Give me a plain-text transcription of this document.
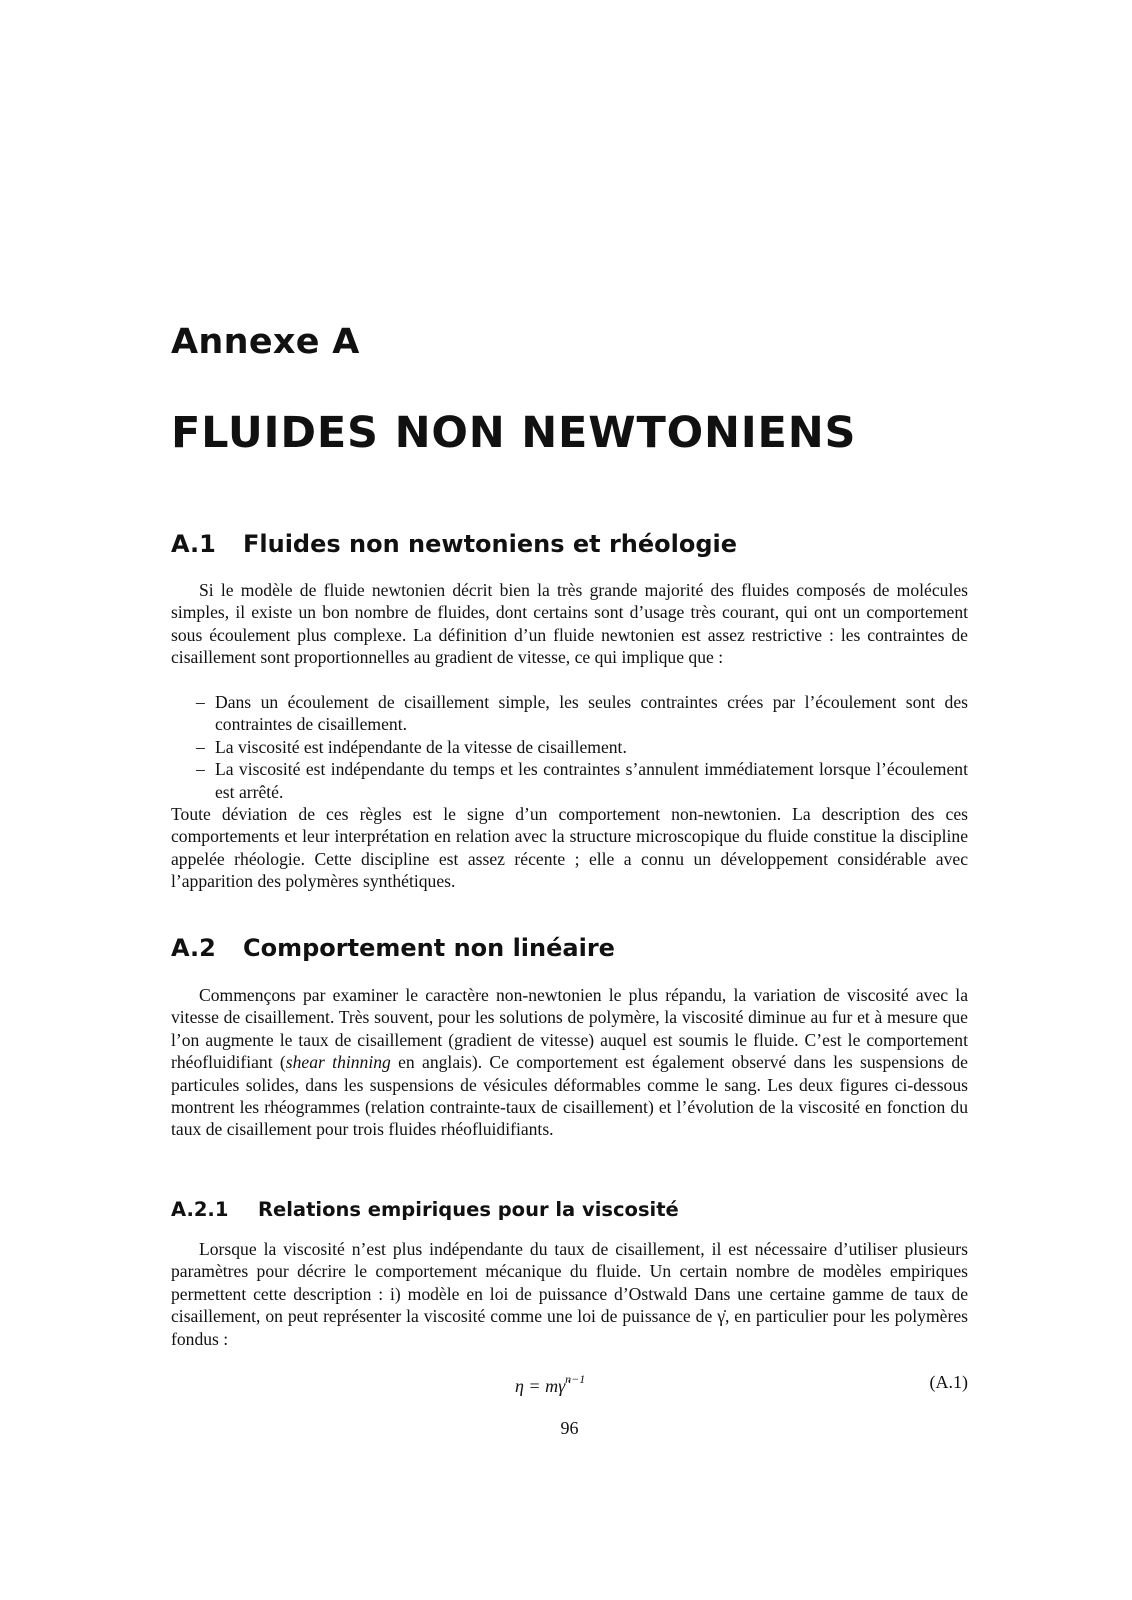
Annexe A
FLUIDES NON NEWTONIENS
A.1 Fluides non newtoniens et rhéologie

Si le modèle de fluide newtonien décrit bien la très grande majorité des fluides composés de molécules simples, il existe un bon nombre de fluides, dont certains sont d’usage très courant, qui ont un comportement sous écoulement plus complexe. La définition d’un fluide newtonien est assez restrictive : les contraintes de cisaillement sont proportionnelles au gradient de vitesse, ce qui implique que :

– Dans un écoulement de cisaillement simple, les seules contraintes crées par l’écoulement sont des contraintes de cisaillement.
– La viscosité est indépendante de la vitesse de cisaillement.
– La viscosité est indépendante du temps et les contraintes s’annulent immédiatement lorsque l’écoulement est arrêté.

Toute déviation de ces règles est le signe d’un comportement non-newtonien. La description des ces comportements et leur interprétation en relation avec la structure microscopique du fluide constitue la discipline appelée rhéologie. Cette discipline est assez récente ; elle a connu un développement considérable avec l’apparition des polymères synthétiques.

A.2 Comportement non linéaire

Commençons par examiner le caractère non-newtonien le plus répandu, la variation de viscosité avec la vitesse de cisaillement. Très souvent, pour les solutions de polymère, la viscosité diminue au fur et à mesure que l’on augmente le taux de cisaillement (gradient de vitesse) auquel est soumis le fluide. C’est le comportement rhéofluidifiant (shear thinning en anglais). Ce comportement est également observé dans les suspensions de particules solides, dans les suspensions de vésicules déformables comme le sang. Les deux figures ci-dessous montrent les rhéogrammes (relation contrainte-taux de cisaillement) et l’évolution de la viscosité en fonction du taux de cisaillement pour trois fluides rhéofluidifiants.

A.2.1 Relations empiriques pour la viscosité

Lorsque la viscosité n’est plus indépendante du taux de cisaillement, il est nécessaire d’utiliser plusieurs paramètres pour décrire le comportement mécanique du fluide. Un certain nombre de modèles empiriques permettent cette description : i) modèle en loi de puissance d’Ostwald Dans une certaine gamme de taux de cisaillement, on peut représenter la viscosité comme une loi de puissance de γ̇, en particulier pour les polymères fondus :

η = mγ̇$^{n-1}$	(A.1)
96
